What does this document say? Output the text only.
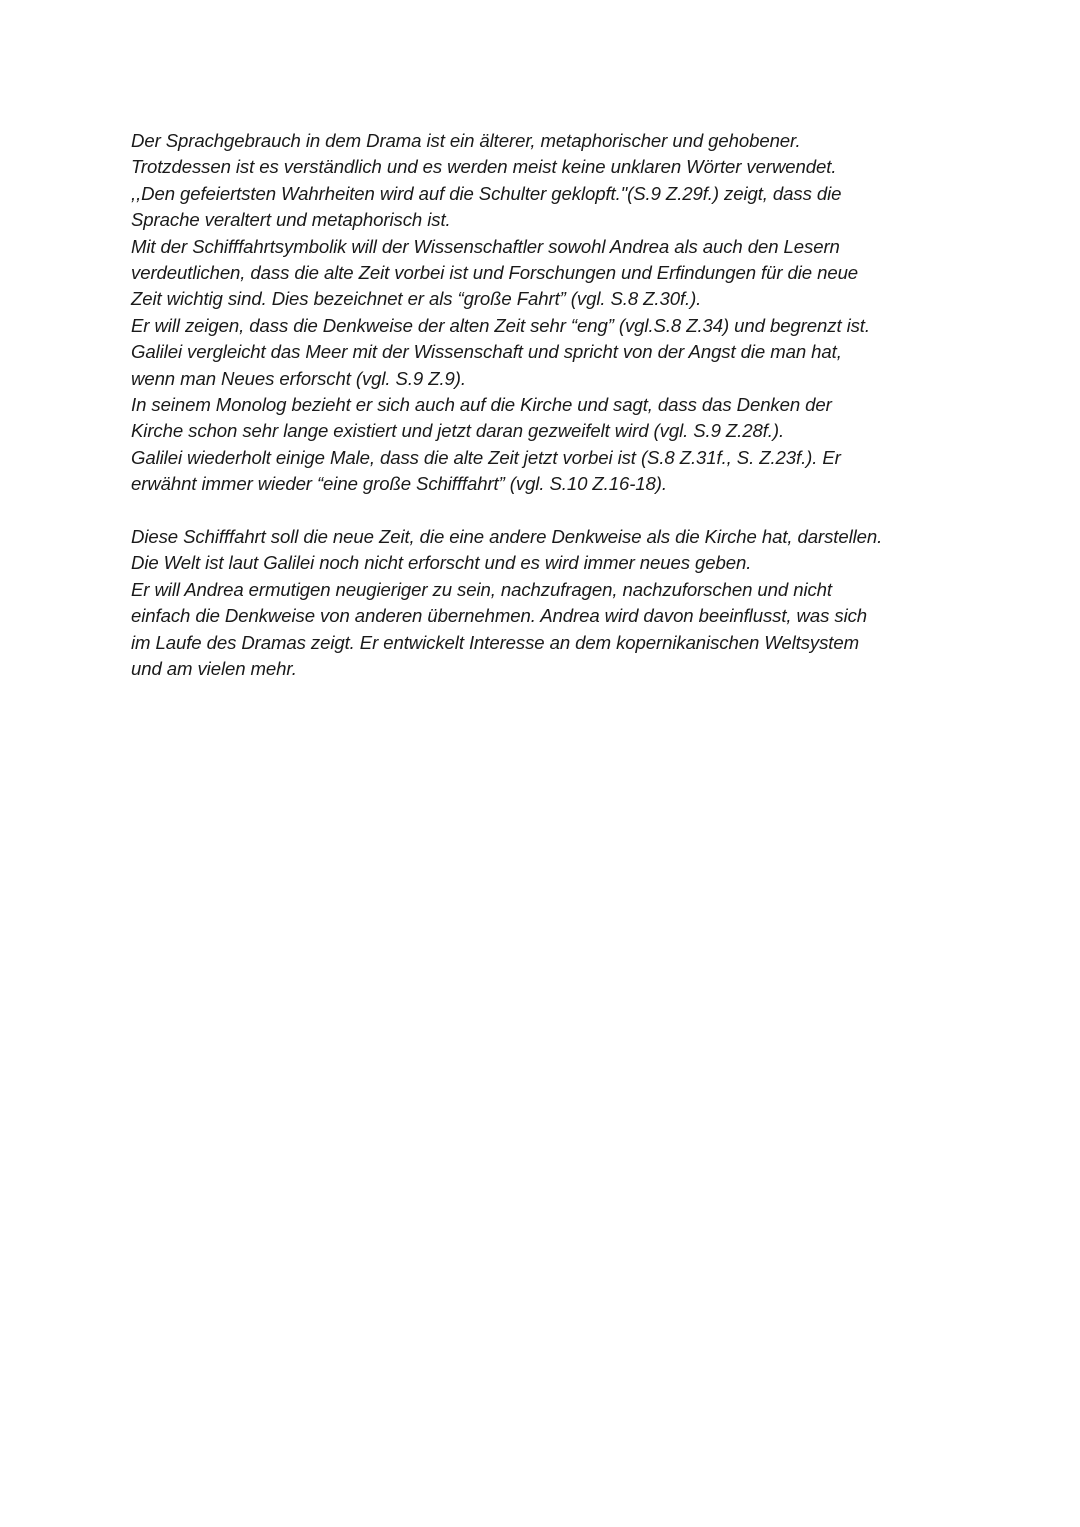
Der Sprachgebrauch in dem Drama ist ein älterer, metaphorischer und gehobener.
Trotzdessen ist es verständlich und es werden meist keine unklaren Wörter verwendet.
,,Den gefeiertsten Wahrheiten wird auf die Schulter geklopft."(S.9 Z.29f.) zeigt, dass die
Sprache veraltert und metaphorisch ist.
Mit der Schifffahrtsymbolik will der Wissenschaftler sowohl Andrea als auch den Lesern
verdeutlichen, dass die alte Zeit vorbei ist und Forschungen und Erfindungen für die neue
Zeit wichtig sind. Dies bezeichnet er als “große Fahrt” (vgl. S.8 Z.30f.).
Er will zeigen, dass die Denkweise der alten Zeit sehr “eng” (vgl.S.8 Z.34) und begrenzt ist.
Galilei vergleicht das Meer mit der Wissenschaft und spricht von der Angst die man hat,
wenn man Neues erforscht (vgl. S.9 Z.9).
In seinem Monolog bezieht er sich auch auf die Kirche und sagt, dass das Denken der
Kirche schon sehr lange existiert und jetzt daran gezweifelt wird (vgl. S.9 Z.28f.).
Galilei wiederholt einige Male, dass die alte Zeit jetzt vorbei ist (S.8 Z.31f., S. Z.23f.). Er
erwähnt immer wieder “eine große Schifffahrt” (vgl. S.10 Z.16-18).

Diese Schifffahrt soll die neue Zeit, die eine andere Denkweise als die Kirche hat, darstellen.
Die Welt ist laut Galilei noch nicht erforscht und es wird immer neues geben.
Er will Andrea ermutigen neugieriger zu sein, nachzufragen, nachzuforschen und nicht
einfach die Denkweise von anderen übernehmen. Andrea wird davon beeinflusst, was sich
im Laufe des Dramas zeigt. Er entwickelt Interesse an dem kopernikanischen Weltsystem
und am vielen mehr.
